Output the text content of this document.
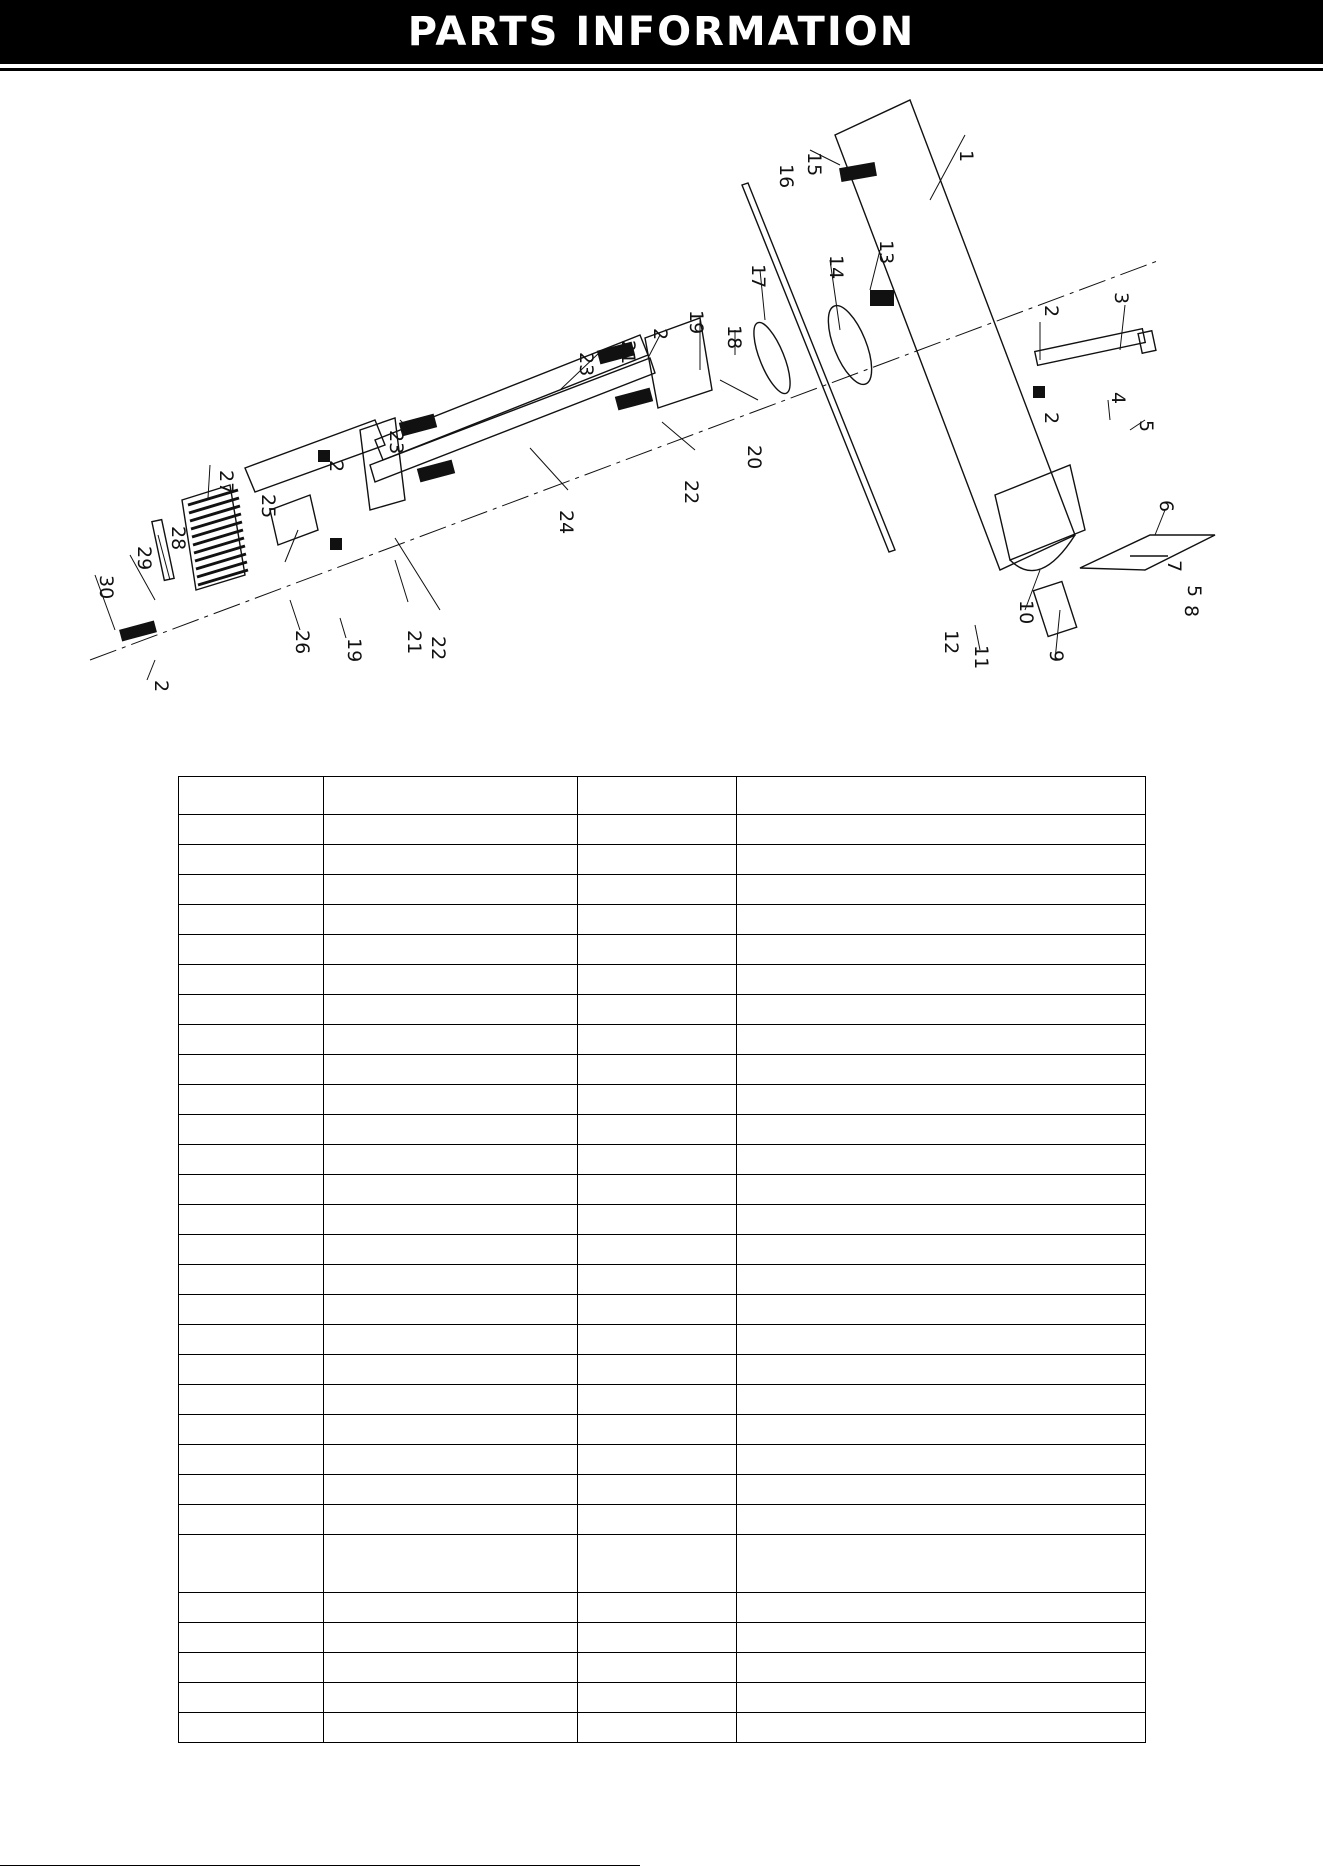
PARTS INFORMATION
1
2
3
4
5
6
7
5
8
9
10
11
12
13
14
15
16
17
18
19
20
2
21
22
23
24
23
2
21 22
19
25
26
27
28
29
30
2
2
